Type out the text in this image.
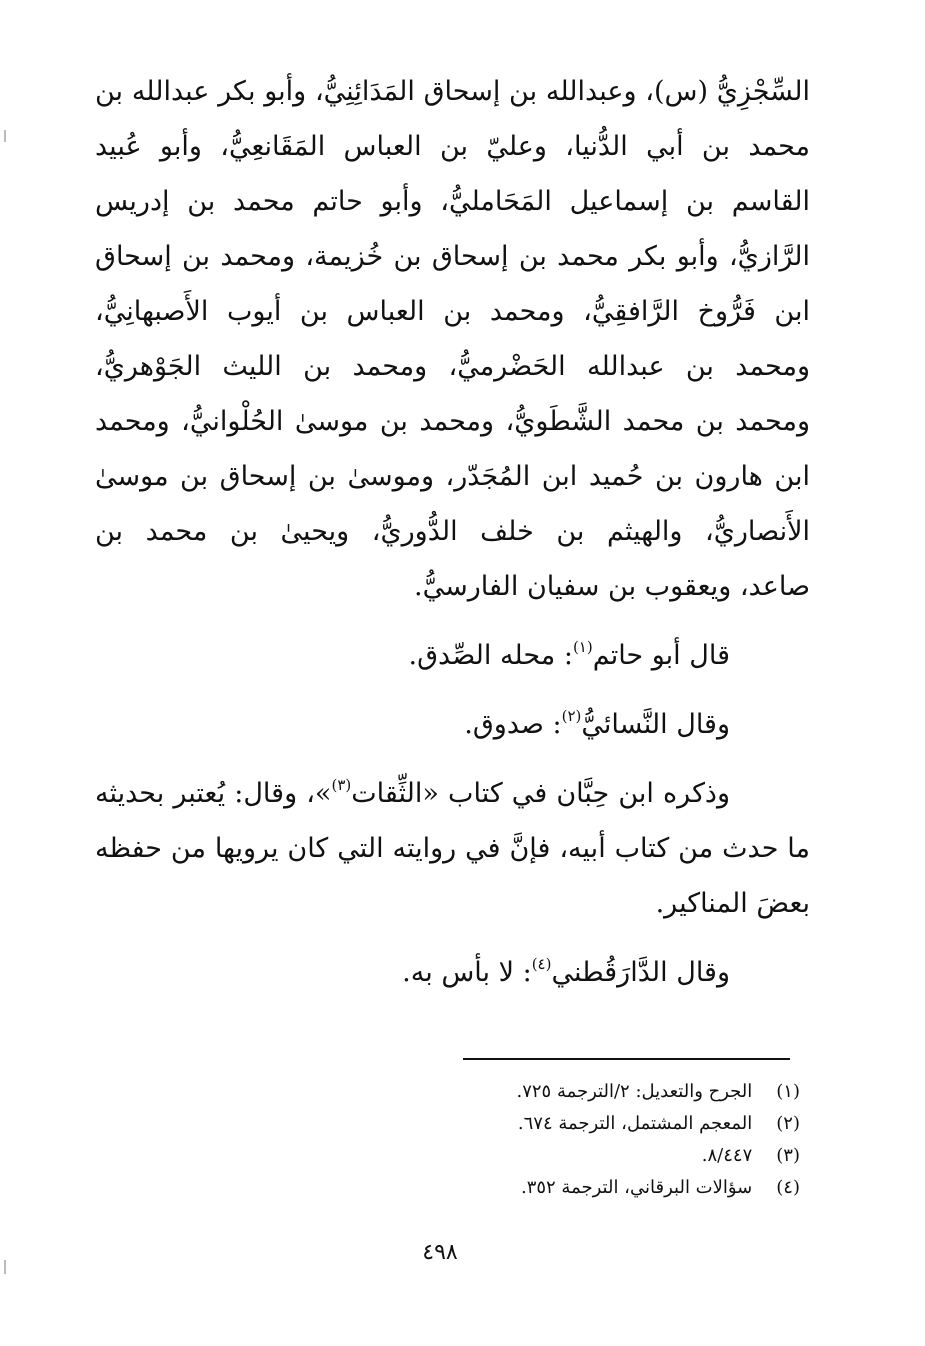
السِّجْزِيُّ (س)، وعبدالله بن إسحاق المَدَائِنِيُّ، وأبو بكر عبدالله بن
محمد بن أبي الدُّنيا، وعليّ بن العباس المَقَانعِيُّ، وأبو عُبيد
القاسم بن إسماعيل المَحَامليُّ، وأبو حاتم محمد بن إدريس
الرَّازيُّ، وأبو بكر محمد بن إسحاق بن خُزيمة، ومحمد بن إسحاق
ابن فَرُّوخ الرَّافقِيُّ، ومحمد بن العباس بن أيوب الأَصبهانِيُّ،
ومحمد بن عبدالله الحَضْرميُّ، ومحمد بن الليث الجَوْهريُّ،
ومحمد بن محمد الشَّطَويُّ، ومحمد بن موسىٰ الحُلْوانيُّ، ومحمد
ابن هارون بن حُميد ابن المُجَدّر، وموسىٰ بن إسحاق بن موسىٰ
الأَنصاريُّ، والهيثم بن خلف الدُّوريُّ، ويحيىٰ بن محمد بن
صاعد، ويعقوب بن سفيان الفارسيُّ.
قال أبو حاتم$^{(١)}$: محله الصِّدق.
وقال النَّسائيُّ$^{(٢)}$: صدوق.
وذكره ابن حِبَّان في كتاب «الثِّقات$^{(٣)}$»، وقال: يُعتبر بحديثه
ما حدث من كتاب أبيه، فإنَّ في روايته التي كان يرويها من حفظه
بعضَ المناكير.
وقال الدَّارَقُطني$^{(٤)}$: لا بأس به.
(١) الجرح والتعديل: ٢/الترجمة ٧٢٥.
(٢) المعجم المشتمل، الترجمة ٦٧٤.
(٣) ٨/٤٤٧.
(٤) سؤالات البرقاني، الترجمة ٣٥٢.
٤٩٨
